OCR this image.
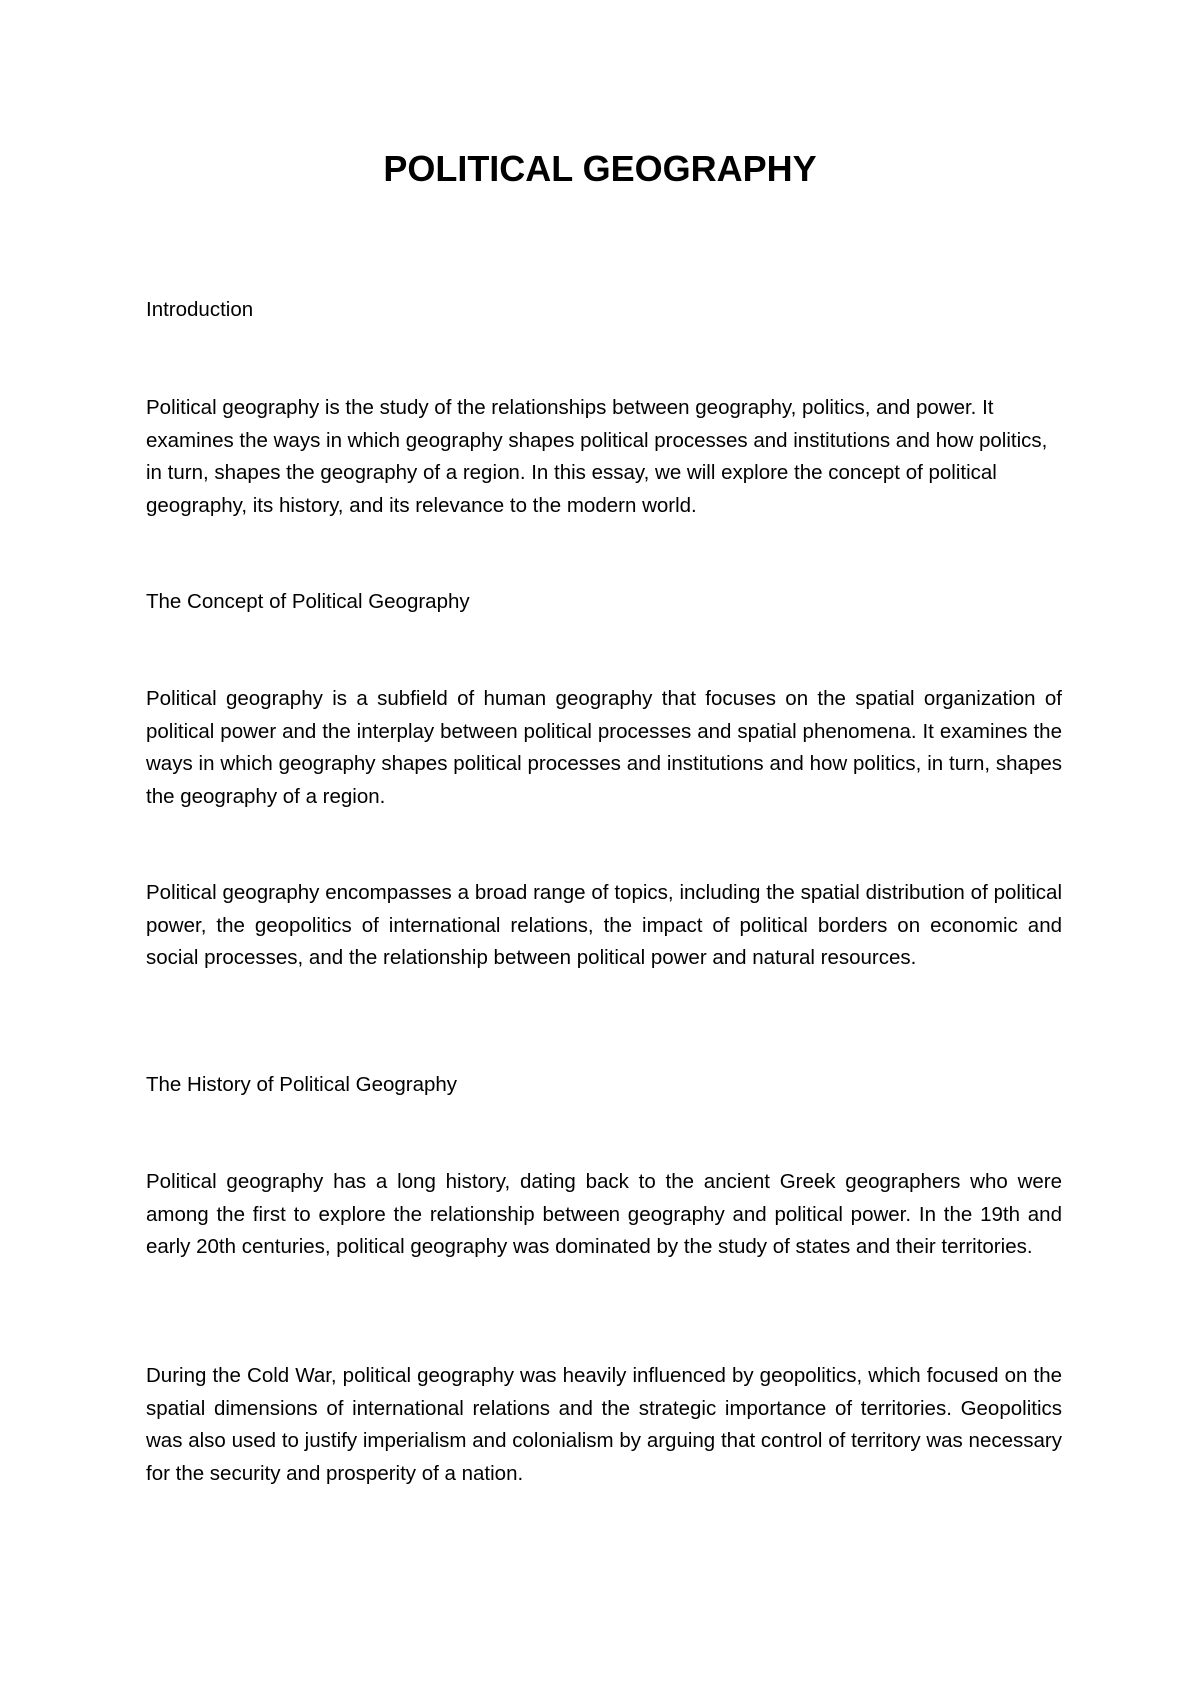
POLITICAL GEOGRAPHY

Introduction

Political geography is the study of the relationships between geography, politics, and power. It examines the ways in which geography shapes political processes and institutions and how politics, in turn, shapes the geography of a region. In this essay, we will explore the concept of political geography, its history, and its relevance to the modern world.

The Concept of Political Geography

Political geography is a subfield of human geography that focuses on the spatial organization of political power and the interplay between political processes and spatial phenomena. It examines the ways in which geography shapes political processes and institutions and how politics, in turn, shapes the geography of a region.

Political geography encompasses a broad range of topics, including the spatial distribution of political power, the geopolitics of international relations, the impact of political borders on economic and social processes, and the relationship between political power and natural resources.

The History of Political Geography

Political geography has a long history, dating back to the ancient Greek geographers who were among the first to explore the relationship between geography and political power. In the 19th and early 20th centuries, political geography was dominated by the study of states and their territories.

During the Cold War, political geography was heavily influenced by geopolitics, which focused on the spatial dimensions of international relations and the strategic importance of territories. Geopolitics was also used to justify imperialism and colonialism by arguing that control of territory was necessary for the security and prosperity of a nation.
